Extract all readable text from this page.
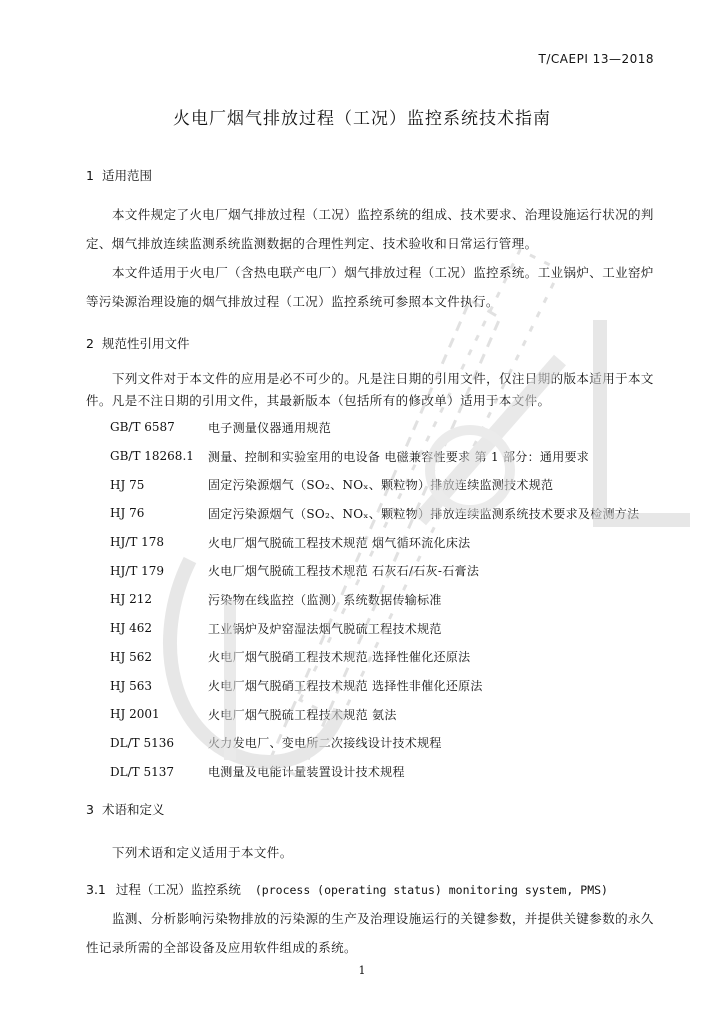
T/CAEPI 13—2018
火电厂烟气排放过程（工况）监控系统技术指南
1 适用范围
本文件规定了火电厂烟气排放过程（工况）监控系统的组成、技术要求、治理设施运行状况的判定、烟气排放连续监测系统监测数据的合理性判定、技术验收和日常运行管理。
本文件适用于火电厂（含热电联产电厂）烟气排放过程（工况）监控系统。工业锅炉、工业窑炉等污染源治理设施的烟气排放过程（工况）监控系统可参照本文件执行。
2 规范性引用文件
下列文件对于本文件的应用是必不可少的。凡是注日期的引用文件，仅注日期的版本适用于本文件。凡是不注日期的引用文件，其最新版本（包括所有的修改单）适用于本文件。
GB/T 6587	电子测量仪器通用规范
GB/T 18268.1	测量、控制和实验室用的电设备 电磁兼容性要求 第 1 部分：通用要求
HJ 75	固定污染源烟气（SO₂、NOₓ、颗粒物）排放连续监测技术规范
HJ 76	固定污染源烟气（SO₂、NOₓ、颗粒物）排放连续监测系统技术要求及检测方法
HJ/T 178	火电厂烟气脱硫工程技术规范 烟气循环流化床法
HJ/T 179	火电厂烟气脱硫工程技术规范 石灰石/石灰-石膏法
HJ 212	污染物在线监控（监测）系统数据传输标准
HJ 462	工业锅炉及炉窑湿法烟气脱硫工程技术规范
HJ 562	火电厂烟气脱硝工程技术规范 选择性催化还原法
HJ 563	火电厂烟气脱硝工程技术规范 选择性非催化还原法
HJ 2001	火电厂烟气脱硫工程技术规范 氨法
DL/T 5136	火力发电厂、变电所二次接线设计技术规程
DL/T 5137	电测量及电能计量装置设计技术规程
3 术语和定义
下列术语和定义适用于本文件。
3.1 过程（工况）监控系统 (process (operating status) monitoring system, PMS)
监测、分析影响污染物排放的污染源的生产及治理设施运行的关键参数，并提供关键参数的永久性记录所需的全部设备及应用软件组成的系统。
1
